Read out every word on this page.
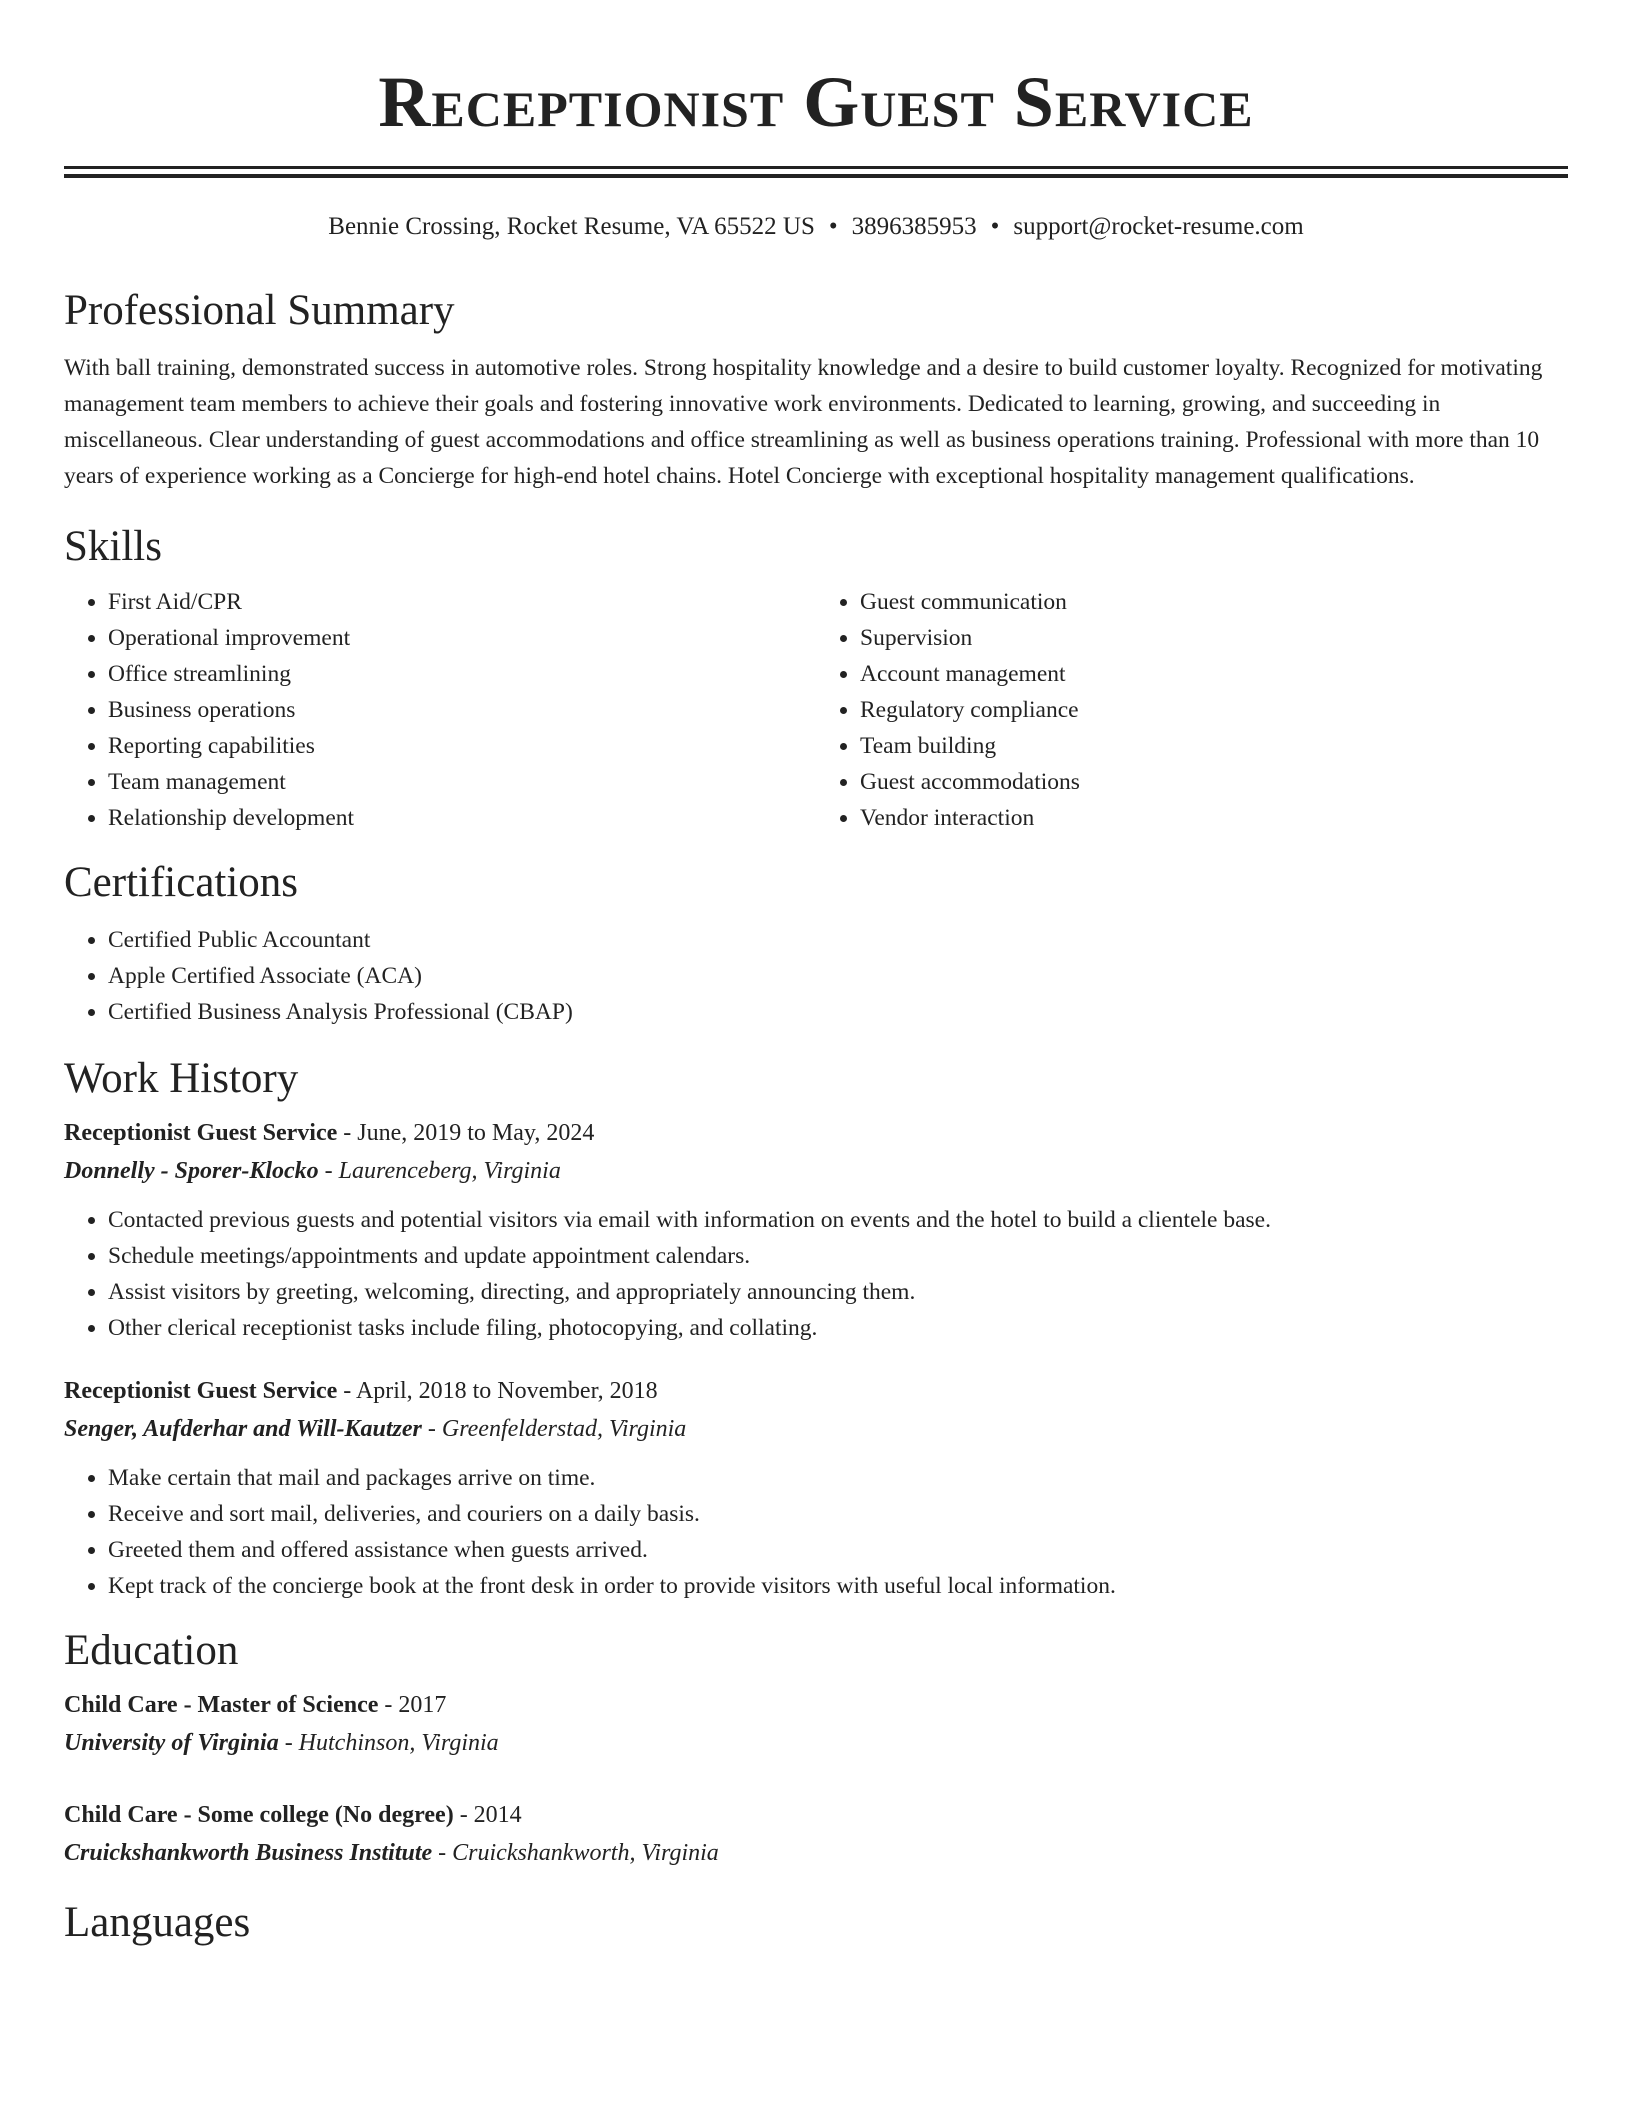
Receptionist Guest Service
Bennie Crossing, Rocket Resume, VA 65522 US • 3896385953 • support@rocket-resume.com
Professional Summary

With ball training, demonstrated success in automotive roles. Strong hospitality knowledge and a desire to build customer loyalty. Recognized for motivating management team members to achieve their goals and fostering innovative work environments. Dedicated to learning, growing, and succeeding in miscellaneous. Clear understanding of guest accommodations and office streamlining as well as business operations training. Professional with more than 10 years of experience working as a Concierge for high-end hotel chains. Hotel Concierge with exceptional hospitality management qualifications.

Skills
• First Aid/CPR
• Operational improvement
• Office streamlining
• Business operations
• Reporting capabilities
• Team management
• Relationship development
• Guest communication
• Supervision
• Account management
• Regulatory compliance
• Team building
• Guest accommodations
• Vendor interaction
Certifications
• Certified Public Accountant
• Apple Certified Associate (ACA)
• Certified Business Analysis Professional (CBAP)
Work History
Receptionist Guest Service - June, 2019 to May, 2024
Donnelly - Sporer-Klocko - Laurenceberg, Virginia
• Contacted previous guests and potential visitors via email with information on events and the hotel to build a clientele base.
• Schedule meetings/appointments and update appointment calendars.
• Assist visitors by greeting, welcoming, directing, and appropriately announcing them.
• Other clerical receptionist tasks include filing, photocopying, and collating.
Receptionist Guest Service - April, 2018 to November, 2018
Senger, Aufderhar and Will-Kautzer - Greenfelderstad, Virginia
• Make certain that mail and packages arrive on time.
• Receive and sort mail, deliveries, and couriers on a daily basis.
• Greeted them and offered assistance when guests arrived.
• Kept track of the concierge book at the front desk in order to provide visitors with useful local information.
Education
Child Care - Master of Science - 2017
University of Virginia - Hutchinson, Virginia
Child Care - Some college (No degree) - 2014
Cruickshankworth Business Institute - Cruickshankworth, Virginia
Languages
